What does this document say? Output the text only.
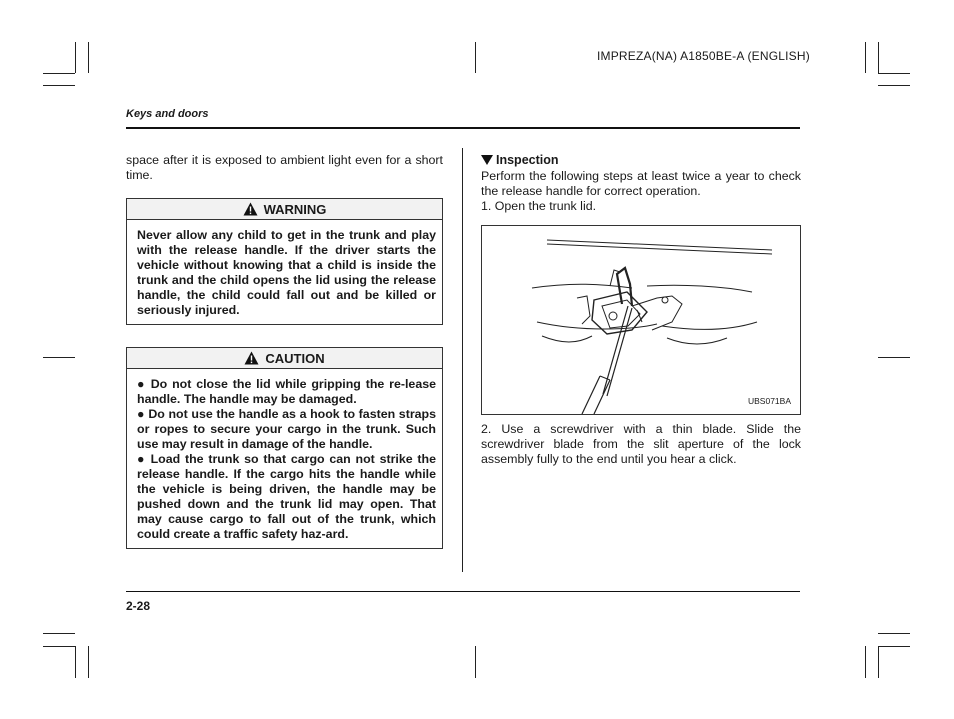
IMPREZA(NA) A1850BE-A (ENGLISH)
Keys and doors

space after it is exposed to ambient light even for a short time.

WARNING

Never allow any child to get in the trunk and play with the release handle. If the driver starts the vehicle without knowing that a child is inside the trunk and the child opens the lid using the release handle, the child could fall out and be killed or seriously injured.

CAUTION

● Do not close the lid while gripping the re-lease handle. The handle may be damaged.

● Do not use the handle as a hook to fasten straps or ropes to secure your cargo in the trunk. Such use may result in damage of the handle.

● Load the trunk so that cargo can not strike the release handle. If the cargo hits the handle while the vehicle is being driven, the handle may be pushed down and the trunk lid may open. That may cause cargo to fall out of the trunk, which could create a traffic safety haz-ard.

Inspection

Perform the following steps at least twice a year to check the release handle for correct operation.

1. Open the trunk lid.

UBS071BA

2. Use a screwdriver with a thin blade. Slide the screwdriver blade from the slit aperture of the lock assembly fully to the end until you hear a click.

2-28
